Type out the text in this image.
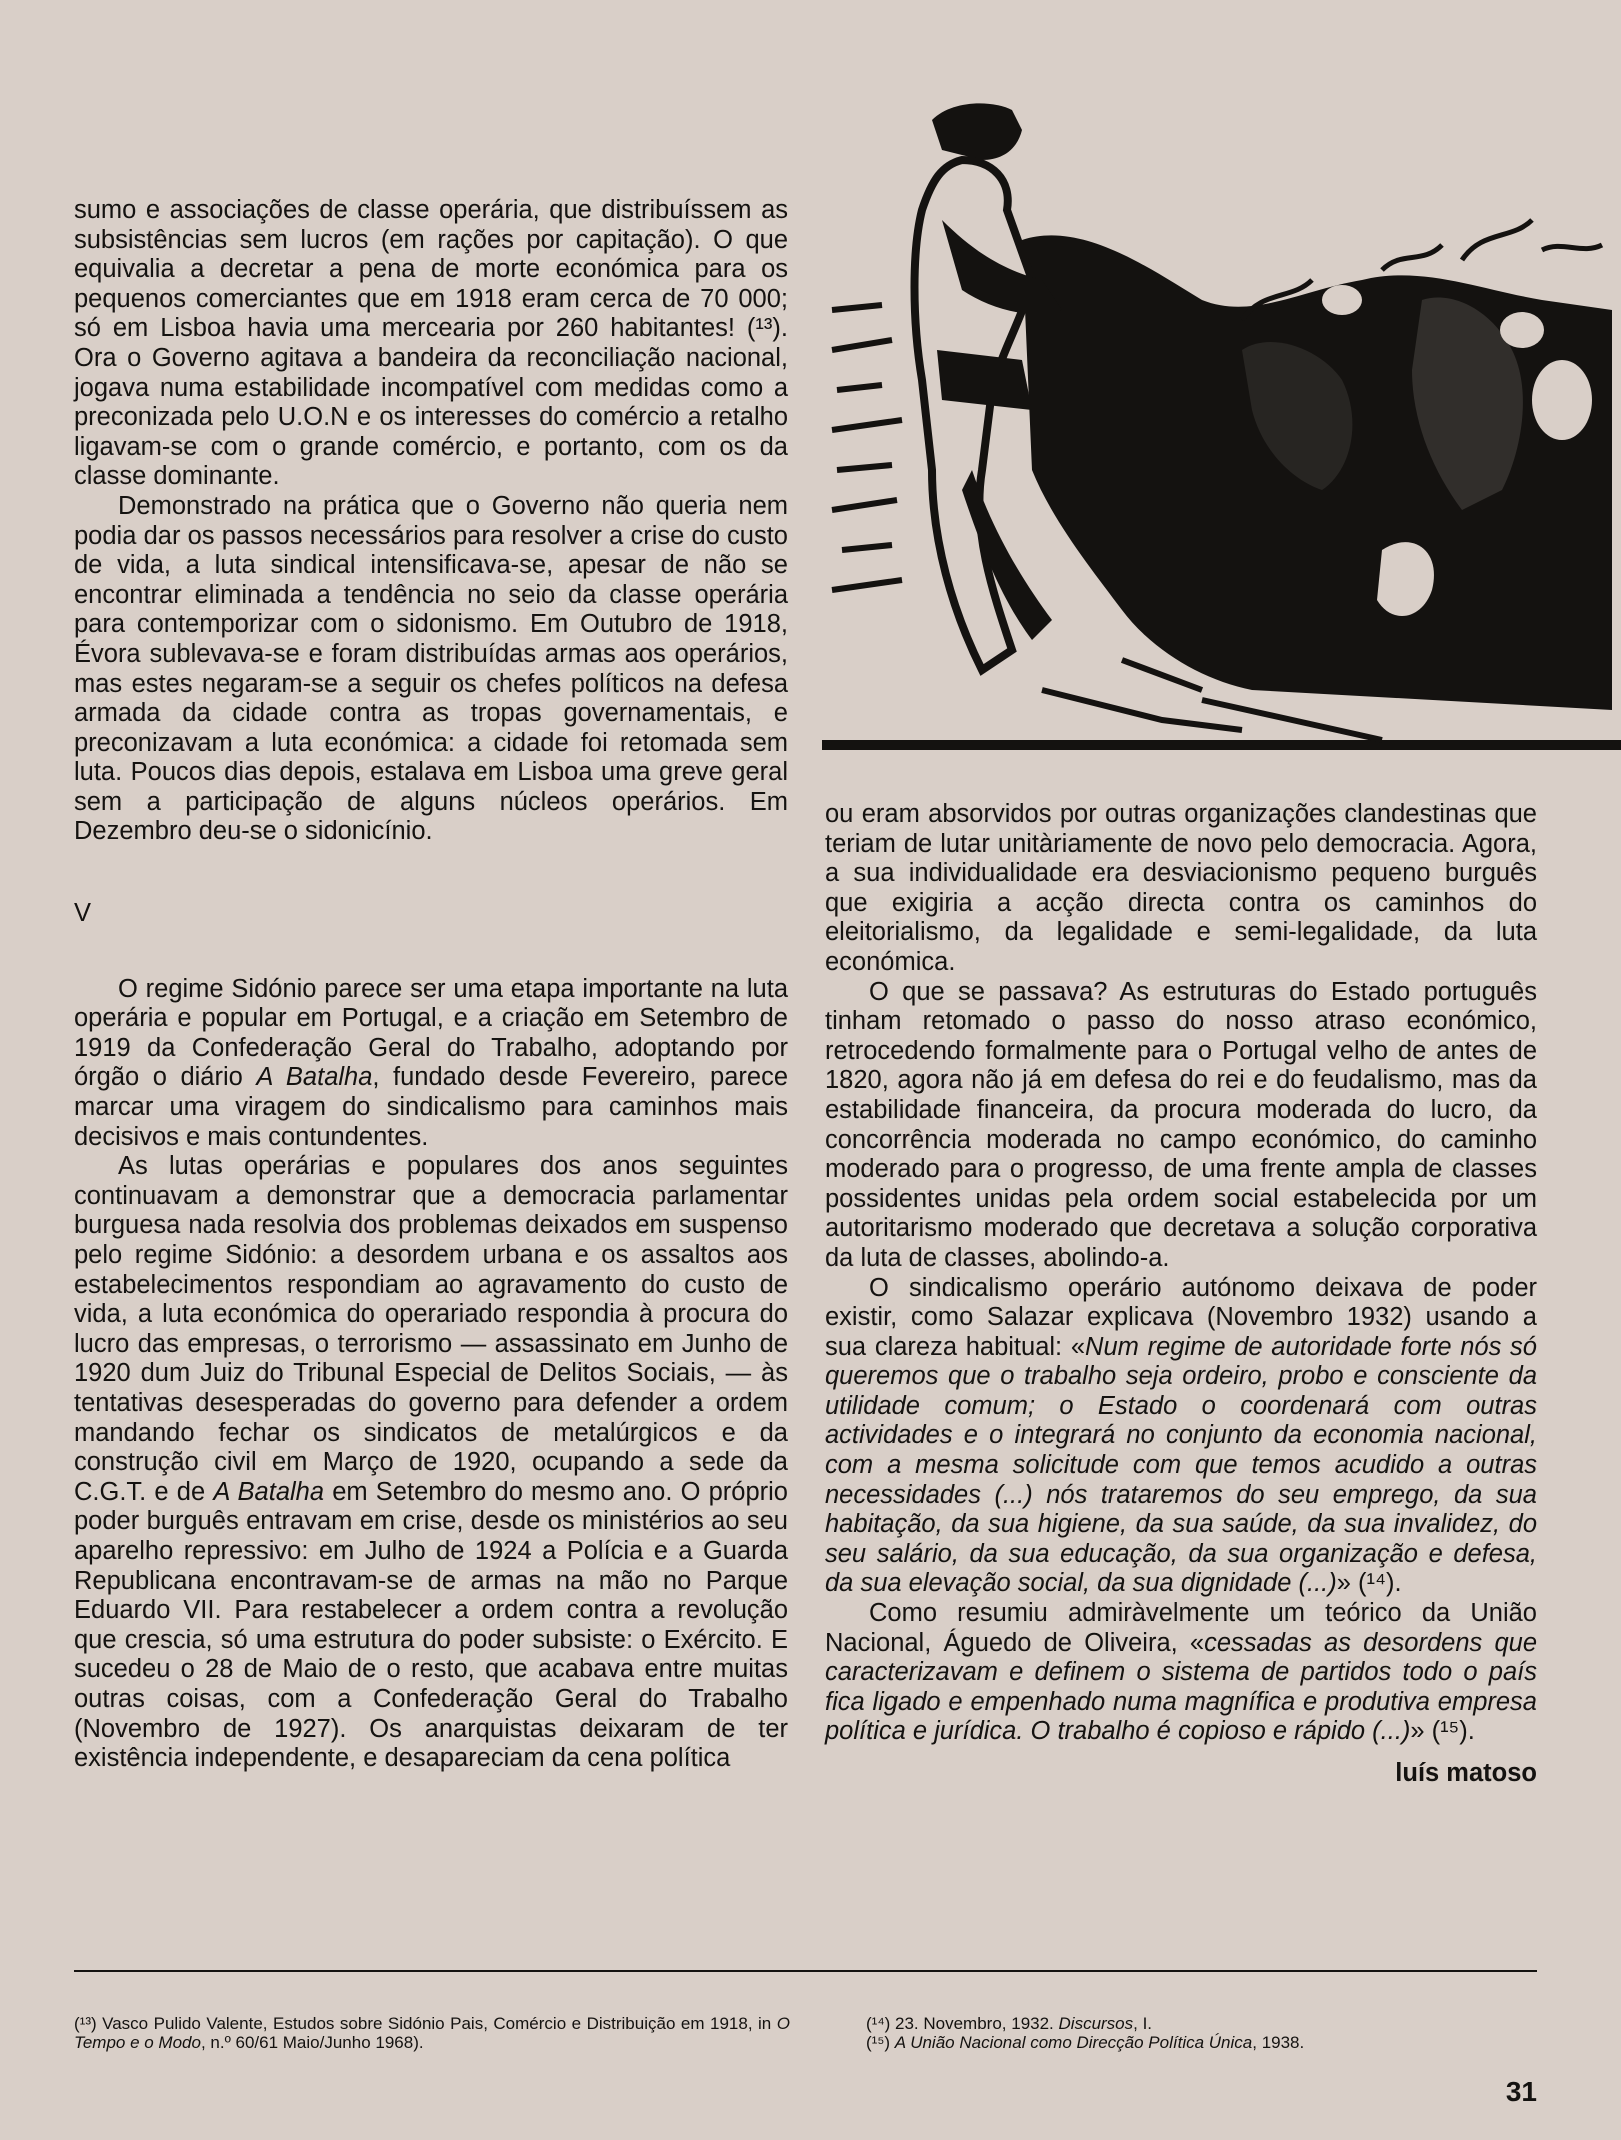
sumo e associações de classe operária, que distribuíssem as subsistências sem lucros (em rações por capitação). O que equivalia a decretar a pena de morte económica para os pequenos comerciantes que em 1918 eram cerca de 70 000; só em Lisboa havia uma mercearia por 260 habitantes! (¹³). Ora o Governo agitava a bandeira da reconciliação nacional, jogava numa estabilidade incompatível com medidas como a preconizada pelo U.O.N e os interesses do comércio a retalho ligavam-se com o grande comércio, e portanto, com os da classe dominante.

Demonstrado na prática que o Governo não queria nem podia dar os passos necessários para resolver a crise do custo de vida, a luta sindical intensificava-se, apesar de não se encontrar eliminada a tendência no seio da classe operária para contemporizar com o sidonismo. Em Outubro de 1918, Évora sublevava-se e foram distribuídas armas aos operários, mas estes negaram-se a seguir os chefes políticos na defesa armada da cidade contra as tropas governamentais, e preconizavam a luta económica: a cidade foi retomada sem luta. Poucos dias depois, estalava em Lisboa uma greve geral sem a participação de alguns núcleos operários. Em Dezembro deu-se o sidonicínio.

V

O regime Sidónio parece ser uma etapa importante na luta operária e popular em Portugal, e a criação em Setembro de 1919 da Confederação Geral do Trabalho, adoptando por órgão o diário A Batalha, fundado desde Fevereiro, parece marcar uma viragem do sindicalismo para caminhos mais decisivos e mais contundentes.

As lutas operárias e populares dos anos seguintes continuavam a demonstrar que a democracia parlamentar burguesa nada resolvia dos problemas deixados em suspenso pelo regime Sidónio: a desordem urbana e os assaltos aos estabelecimentos respondiam ao agravamento do custo de vida, a luta económica do operariado respondia à procura do lucro das empresas, o terrorismo — assassinato em Junho de 1920 dum Juiz do Tribunal Especial de Delitos Sociais, — às tentativas desesperadas do governo para defender a ordem mandando fechar os sindicatos de metalúrgicos e da construção civil em Março de 1920, ocupando a sede da C.G.T. e de A Batalha em Setembro do mesmo ano. O próprio poder burguês entravam em crise, desde os ministérios ao seu aparelho repressivo: em Julho de 1924 a Polícia e a Guarda Republicana encontravam-se de armas na mão no Parque Eduardo VII. Para restabelecer a ordem contra a revolução que crescia, só uma estrutura do poder subsiste: o Exército. E sucedeu o 28 de Maio de o resto, que acabava entre muitas outras coisas, com a Confederação Geral do Trabalho (Novembro de 1927). Os anarquistas deixaram de ter existência independente, e desapareciam da cena política

ou eram absorvidos por outras organizações clandestinas que teriam de lutar unitàriamente de novo pelo democracia. Agora, a sua individualidade era desviacionismo pequeno burguês que exigiria a acção directa contra os caminhos do eleitorialismo, da legalidade e semi-legalidade, da luta económica.

O que se passava? As estruturas do Estado português tinham retomado o passo do nosso atraso económico, retrocedendo formalmente para o Portugal velho de antes de 1820, agora não já em defesa do rei e do feudalismo, mas da estabilidade financeira, da procura moderada do lucro, da concorrência moderada no campo económico, do caminho moderado para o progresso, de uma frente ampla de classes possidentes unidas pela ordem social estabelecida por um autoritarismo moderado que decretava a solução corporativa da luta de classes, abolindo-a.

O sindicalismo operário autónomo deixava de poder existir, como Salazar explicava (Novembro 1932) usando a sua clareza habitual: «Num regime de autoridade forte nós só queremos que o trabalho seja ordeiro, probo e consciente da utilidade comum; o Estado o coordenará com outras actividades e o integrará no conjunto da economia nacional, com a mesma solicitude com que temos acudido a outras necessidades (...) nós trataremos do seu emprego, da sua habitação, da sua higiene, da sua saúde, da sua invalidez, do seu salário, da sua educação, da sua organização e defesa, da sua elevação social, da sua dignidade (...)» (¹⁴).

Como resumiu admiràvelmente um teórico da União Nacional, Águedo de Oliveira, «cessadas as desordens que caracterizavam e definem o sistema de partidos todo o país fica ligado e empenhado numa magnífica e produtiva empresa política e jurídica. O trabalho é copioso e rápido (...)» (¹⁵).

luís matoso

(¹³) Vasco Pulido Valente, Estudos sobre Sidónio Pais, Comércio e Distribuição em 1918, in O Tempo e o Modo, n.º 60/61 Maio/Junho 1968).

(¹⁴) 23. Novembro, 1932. Discursos, I.

(¹⁵) A União Nacional como Direcção Política Única, 1938.

31
